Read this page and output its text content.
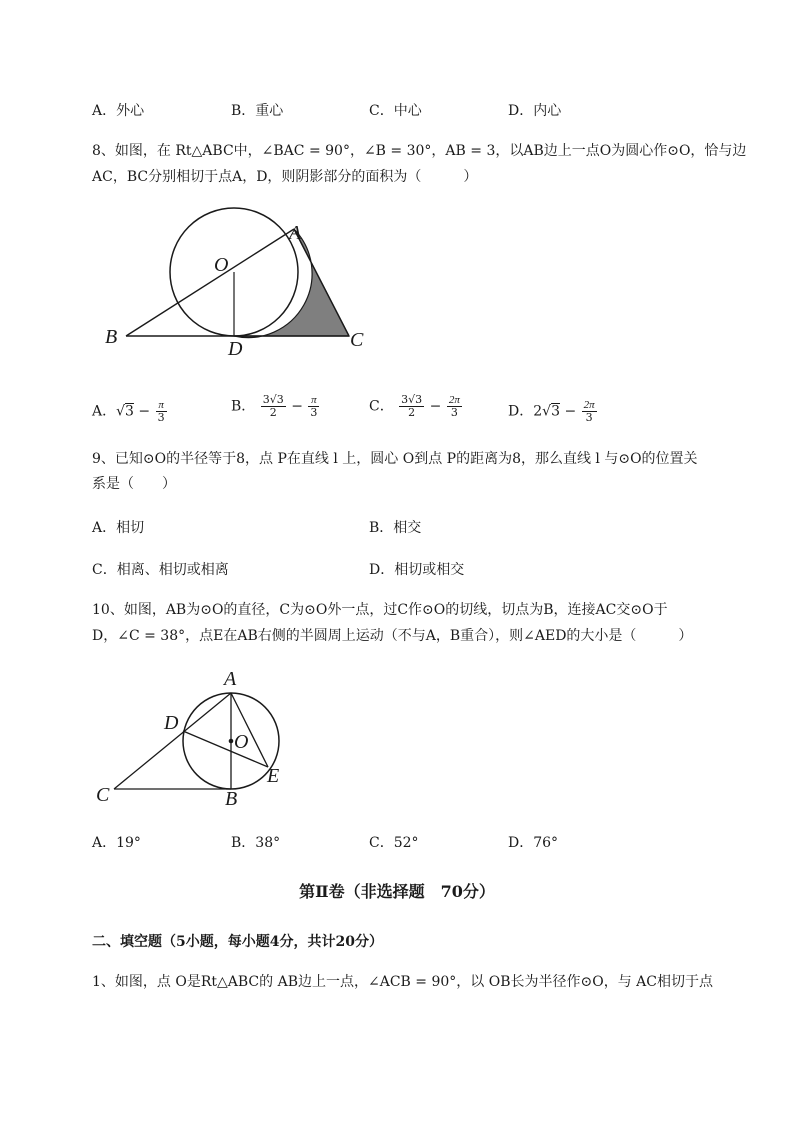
A．外心	B．重心	C．中心	D．内心
8、如图，在 Rt△ABC中，∠BAC = 90°，∠B = 30°，AB = 3，以AB边上一点O为圆心作⊙O，恰与边
AC，BC分别相切于点A，D，则阴影部分的面积为（　　　）
O
A
B	C
D
A．$√3 - \frac{\pi}{3}$	B． $\frac{3√3}{2} - \frac{\pi}{3}$	C． $\frac{3√3}{2} - \frac{2\pi}{3}$	D．$2√3 - \frac{2\pi}{3}$
9、已知⊙O的半径等于8，点 P在直线 l 上，圆心 O到点 P的距离为8，那么直线 l 与⊙O的位置关
系是（　　）
A．相切	B．相交
C．相离、相切或相离	D．相切或相交
10、如图，AB为⊙O的直径，C为⊙O外一点，过C作⊙O的切线，切点为B，连接AC交⊙O于
D，∠C = 38°，点E在AB右侧的半圆周上运动（不与A，B重合），则∠AED的大小是（　　　）
A
D
O
E
C	B
A．19°	B．38°	C．52°	D．76°
第Ⅱ卷（非选择题　70分）
二、填空题（5小题，每小题4分，共计20分）
1、如图，点 O是Rt△ABC的 AB边上一点，∠ACB = 90°，以 OB长为半径作⊙O，与 AC相切于点
